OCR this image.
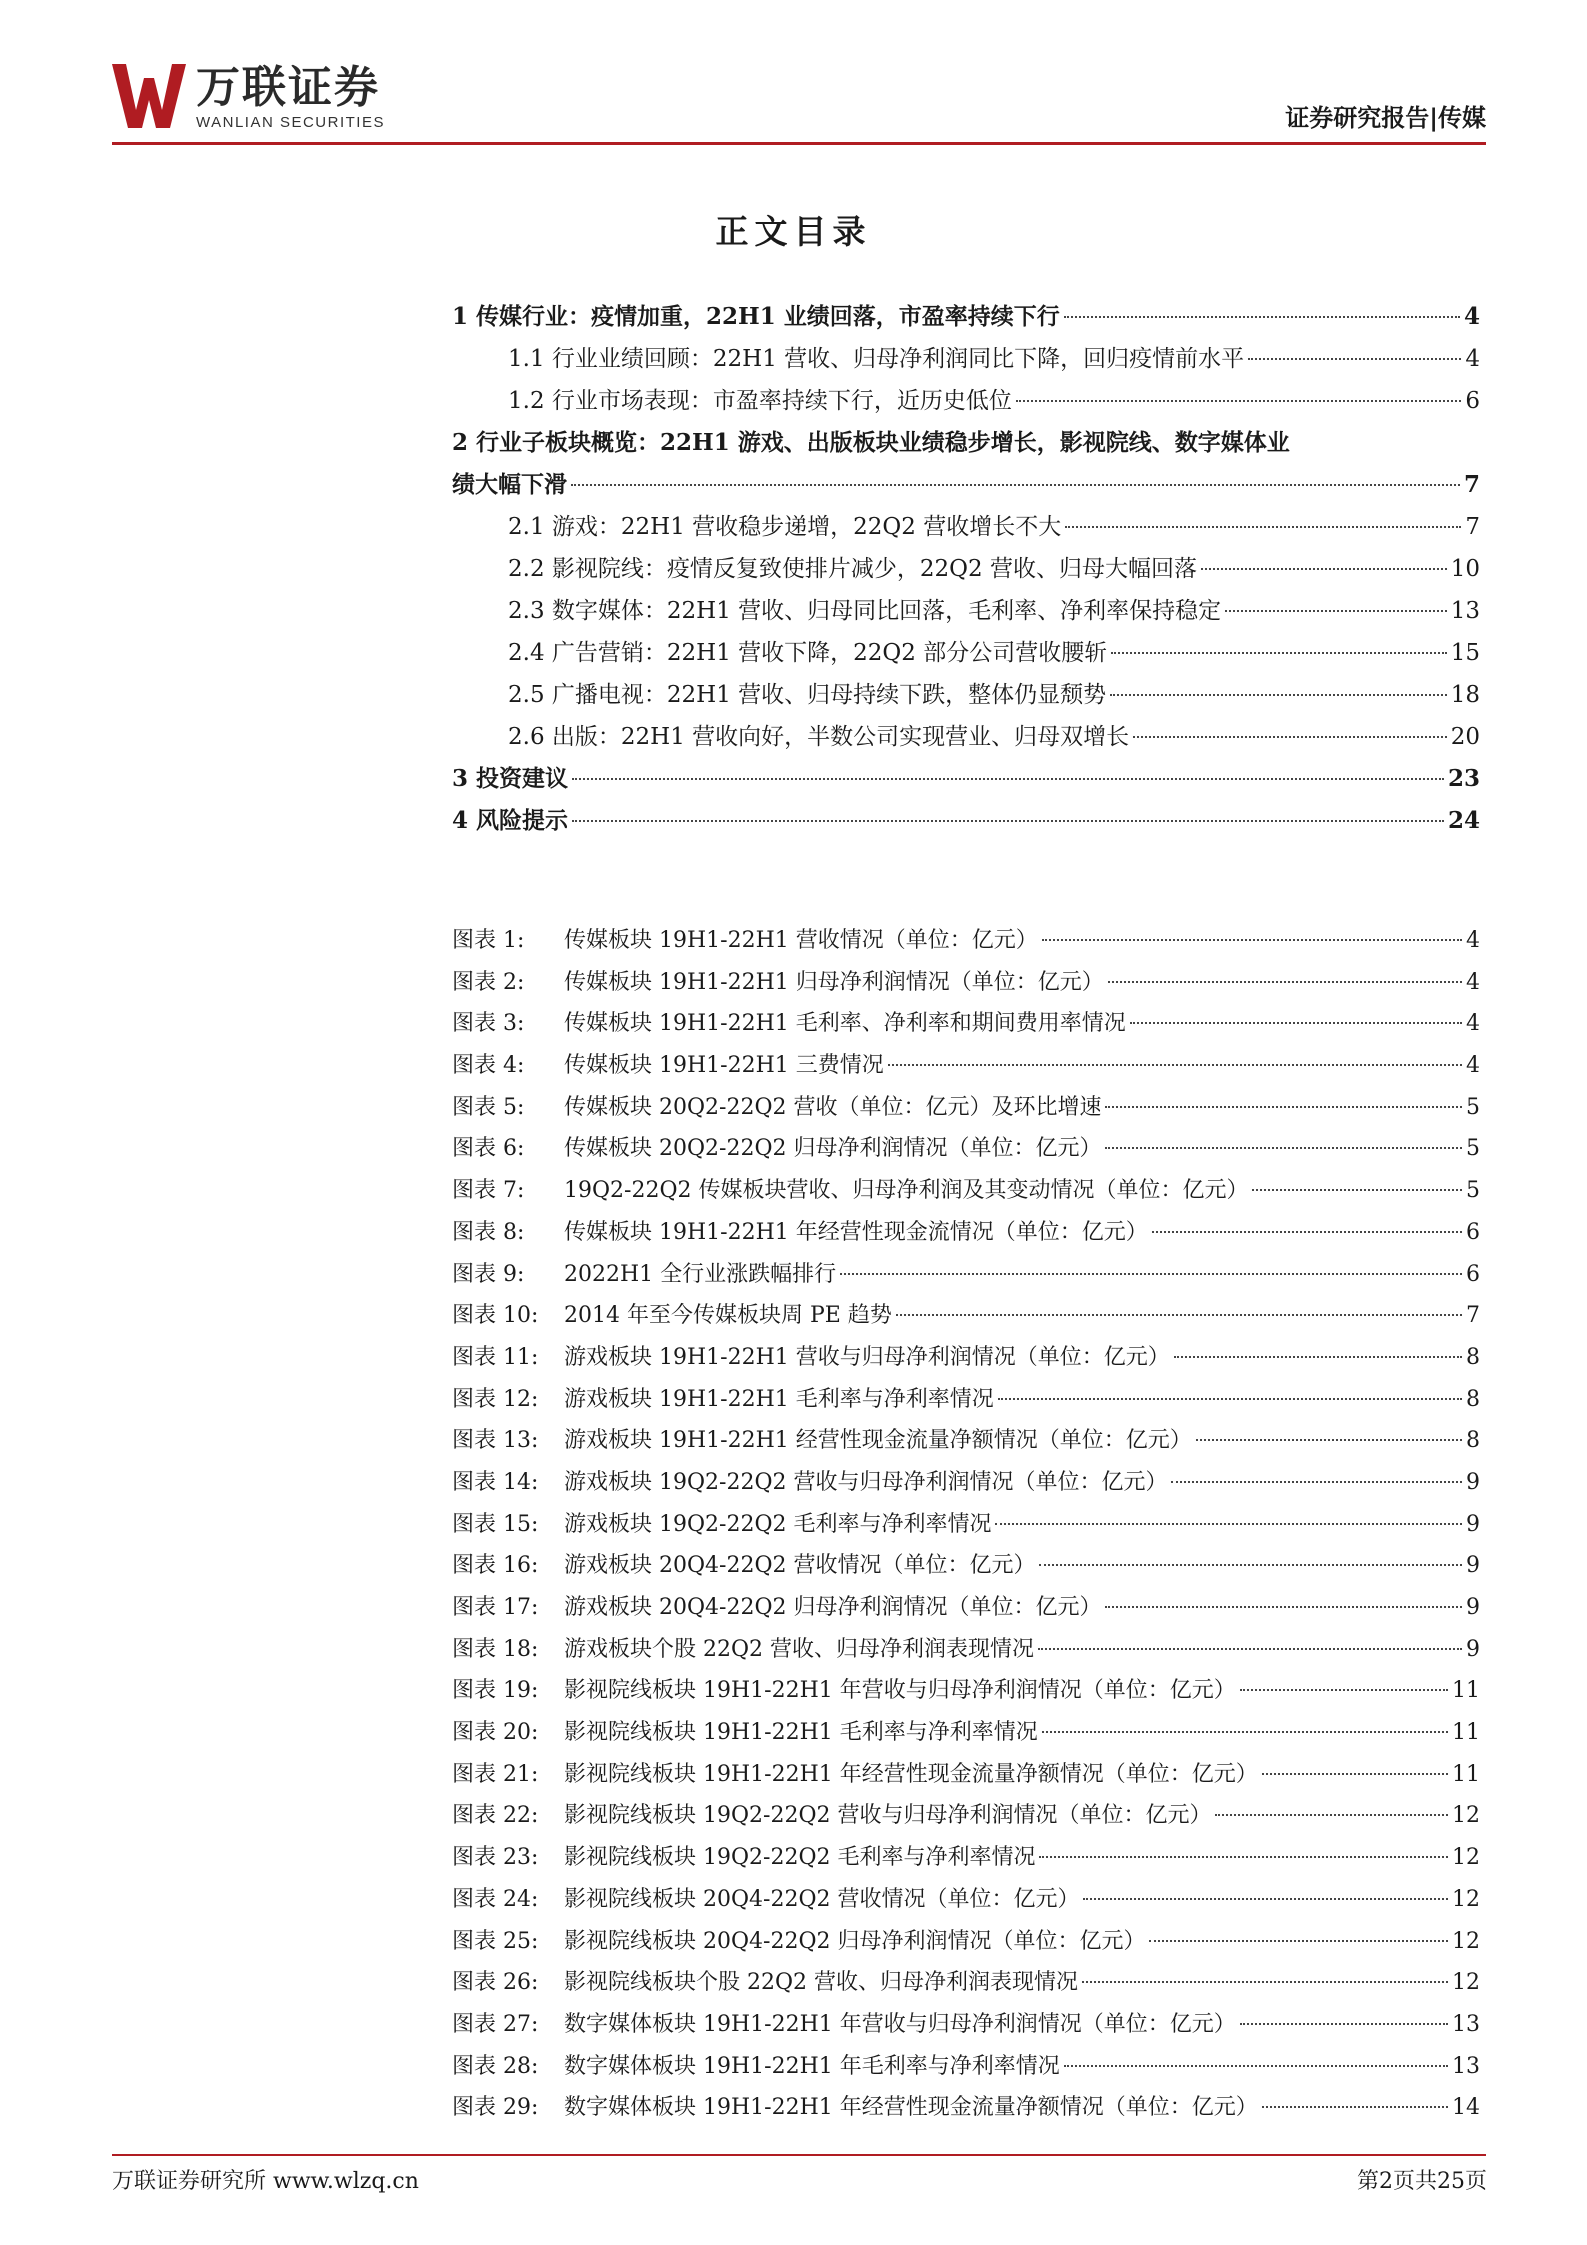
万联证券
WANLIAN SECURITIES	证券研究报告|传媒
正文目录
1 传媒行业：疫情加重，22H1 业绩回落，市盈率持续下行	4
1.1 行业业绩回顾：22H1 营收、归母净利润同比下降，回归疫情前水平	4
1.2 行业市场表现：市盈率持续下行，近历史低位	6
2 行业子板块概览：22H1 游戏、出版板块业绩稳步增长，影视院线、数字媒体业
绩大幅下滑	7
2.1 游戏：22H1 营收稳步递增，22Q2 营收增长不大	7
2.2 影视院线：疫情反复致使排片减少，22Q2 营收、归母大幅回落	10
2.3 数字媒体：22H1 营收、归母同比回落，毛利率、净利率保持稳定	13
2.4 广告营销：22H1 营收下降，22Q2 部分公司营收腰斩	15
2.5 广播电视：22H1 营收、归母持续下跌，整体仍显颓势	18
2.6 出版：22H1 营收向好，半数公司实现营业、归母双增长	20
3 投资建议	23
4 风险提示	24
图表 1:	传媒板块 19H1-22H1 营收情况（单位：亿元）	4
图表 2:	传媒板块 19H1-22H1 归母净利润情况（单位：亿元）	4
图表 3:	传媒板块 19H1-22H1 毛利率、净利率和期间费用率情况	4
图表 4:	传媒板块 19H1-22H1 三费情况	4
图表 5:	传媒板块 20Q2-22Q2 营收（单位：亿元）及环比增速	5
图表 6:	传媒板块 20Q2-22Q2 归母净利润情况（单位：亿元）	5
图表 7:	19Q2-22Q2 传媒板块营收、归母净利润及其变动情况（单位：亿元）	5
图表 8:	传媒板块 19H1-22H1 年经营性现金流情况（单位：亿元）	6
图表 9:	2022H1 全行业涨跌幅排行	6
图表 10:	2014 年至今传媒板块周 PE 趋势	7
图表 11:	游戏板块 19H1-22H1 营收与归母净利润情况（单位：亿元）	8
图表 12:	游戏板块 19H1-22H1 毛利率与净利率情况	8
图表 13:	游戏板块 19H1-22H1 经营性现金流量净额情况（单位：亿元）	8
图表 14:	游戏板块 19Q2-22Q2 营收与归母净利润情况（单位：亿元）	9
图表 15:	游戏板块 19Q2-22Q2 毛利率与净利率情况	9
图表 16:	游戏板块 20Q4-22Q2 营收情况（单位：亿元）	9
图表 17:	游戏板块 20Q4-22Q2 归母净利润情况（单位：亿元）	9
图表 18:	游戏板块个股 22Q2 营收、归母净利润表现情况	9
图表 19:	影视院线板块 19H1-22H1 年营收与归母净利润情况（单位：亿元）	11
图表 20:	影视院线板块 19H1-22H1 毛利率与净利率情况	11
图表 21:	影视院线板块 19H1-22H1 年经营性现金流量净额情况（单位：亿元）	11
图表 22:	影视院线板块 19Q2-22Q2 营收与归母净利润情况（单位：亿元）	12
图表 23:	影视院线板块 19Q2-22Q2 毛利率与净利率情况	12
图表 24:	影视院线板块 20Q4-22Q2 营收情况（单位：亿元）	12
图表 25:	影视院线板块 20Q4-22Q2 归母净利润情况（单位：亿元）	12
图表 26:	影视院线板块个股 22Q2 营收、归母净利润表现情况	12
图表 27:	数字媒体板块 19H1-22H1 年营收与归母净利润情况（单位：亿元）	13
图表 28:	数字媒体板块 19H1-22H1 年毛利率与净利率情况	13
图表 29:	数字媒体板块 19H1-22H1 年经营性现金流量净额情况（单位：亿元）	14
万联证券研究所 www.wlzq.cn	第2页共25页
